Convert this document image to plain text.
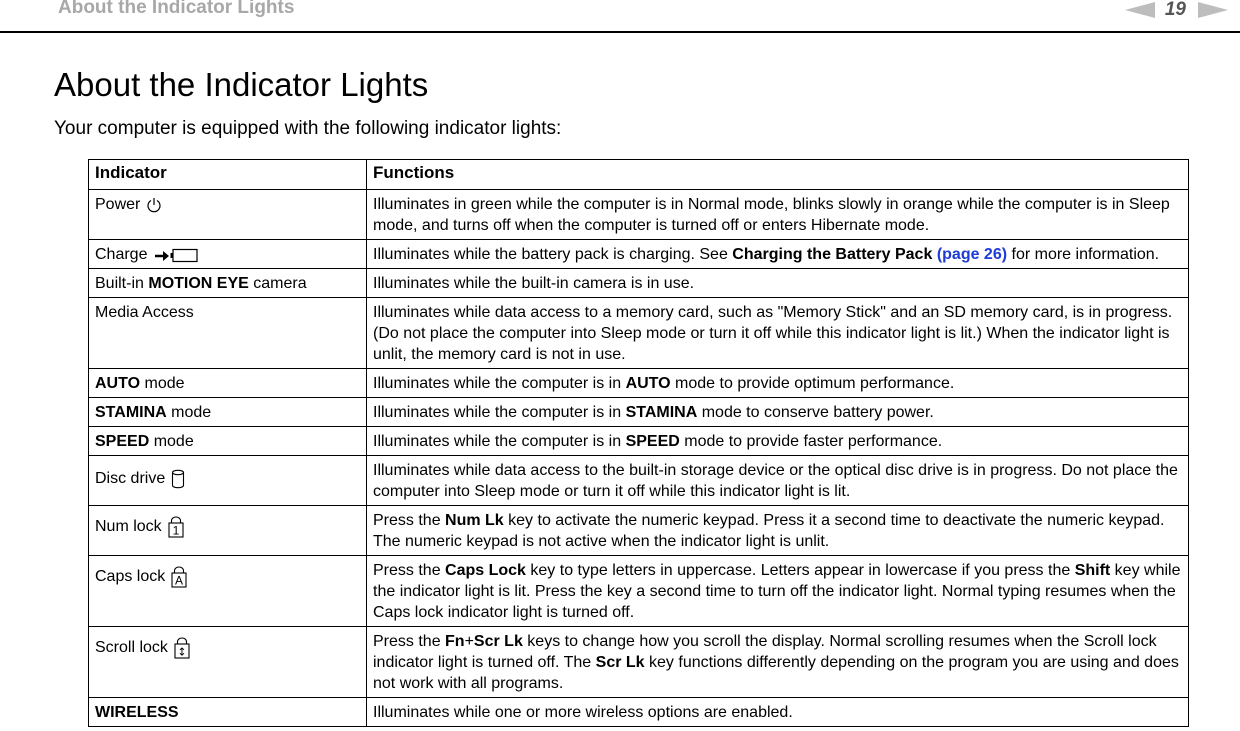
About the Indicator Lights	19
About the Indicator Lights

Your computer is equipped with the following indicator lights:

Indicator	Functions
Power	Illuminates in green while the computer is in Normal mode, blinks slowly in orange while the computer is in Sleep mode, and turns off when the computer is turned off or enters Hibernate mode.
Charge	Illuminates while the battery pack is charging. See Charging the Battery Pack (page 26) for more information.
Built-in MOTION EYE camera	Illuminates while the built-in camera is in use.
Media Access	Illuminates while data access to a memory card, such as "Memory Stick" and an SD memory card, is in progress. (Do not place the computer into Sleep mode or turn it off while this indicator light is lit.) When the indicator light is unlit, the memory card is not in use.
AUTO mode	Illuminates while the computer is in AUTO mode to provide optimum performance.
STAMINA mode	Illuminates while the computer is in STAMINA mode to conserve battery power.
SPEED mode	Illuminates while the computer is in SPEED mode to provide faster performance.
Disc drive	Illuminates while data access to the built-in storage device or the optical disc drive is in progress. Do not place the computer into Sleep mode or turn it off while this indicator light is lit.
Num lock 1	Press the Num Lk key to activate the numeric keypad. Press it a second time to deactivate the numeric keypad. The numeric keypad is not active when the indicator light is unlit.
Caps lock A	Press the Caps Lock key to type letters in uppercase. Letters appear in lowercase if you press the Shift key while the indicator light is lit. Press the key a second time to turn off the indicator light. Normal typing resumes when the Caps lock indicator light is turned off.
Scroll lock ↕	Press the Fn+Scr Lk keys to change how you scroll the display. Normal scrolling resumes when the Scroll lock indicator light is turned off. The Scr Lk key functions differently depending on the program you are using and does not work with all programs.
WIRELESS	Illuminates while one or more wireless options are enabled.
